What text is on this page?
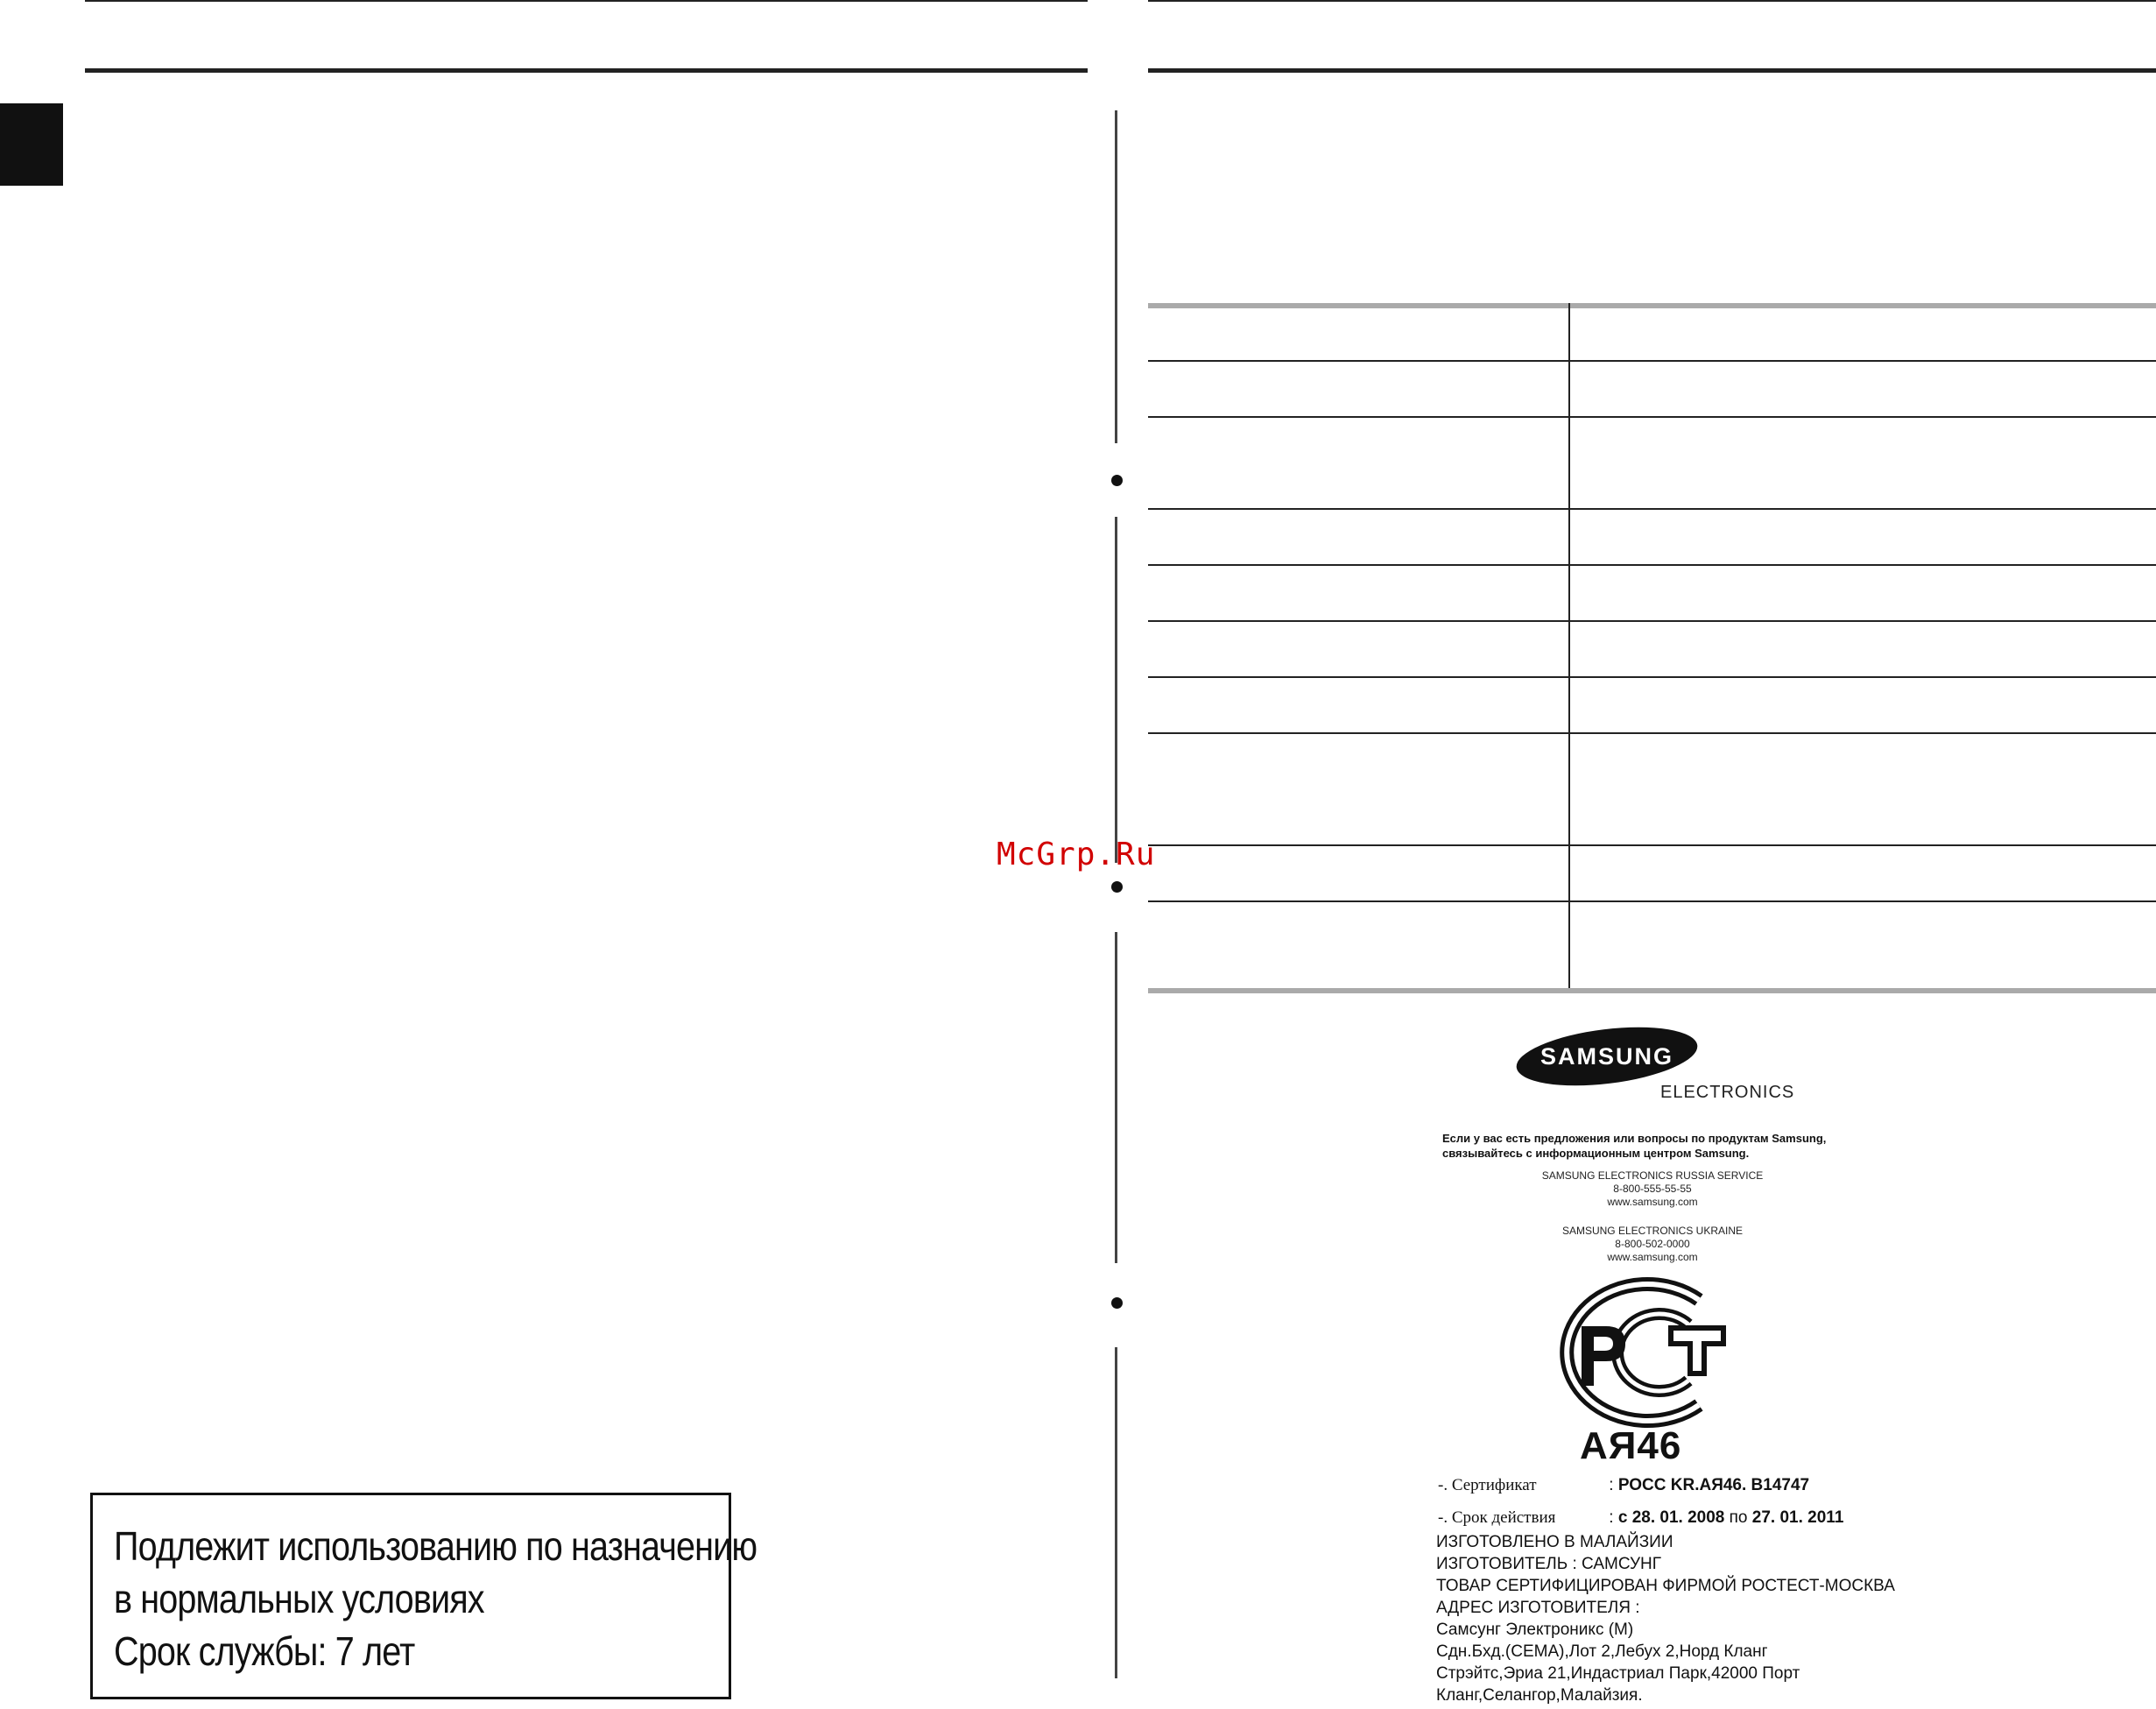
McGrp.Ru
SAMSUNG
ELECTRONICS
Если у вас есть предложения или вопросы по продуктам Samsung,
связывайтесь с информационным центром Samsung.
SAMSUNG ELECTRONICS RUSSIA SERVICE
8-800-555-55-55
www.samsung.com
SAMSUNG ELECTRONICS UKRAINE
8-800-502-0000
www.samsung.com
АЯ46
-. Сертификат	: РОСС KR.АЯ46. В14747
-. Срок действия	: с 28. 01. 2008 по 27. 01. 2011
ИЗГОТОВЛЕНО В МАЛАЙЗИИ
ИЗГОТОВИТЕЛЬ : САМСУНГ
ТОВАР СЕРТИФИЦИРОВАН ФИРМОЙ РОСТЕСТ-МОСКВА
АДРЕС ИЗГОТОВИТЕЛЯ :
Самсунг Электроникс (М)
Сдн.Бхд.(СЕМА),Лот 2,Лебух 2,Норд Кланг
Стрэйтс,Эриа 21,Индастриал Парк,42000 Порт
Кланг,Селангор,Малайзия.
Подлежит использованию по назначению
в нормальных условиях
Срок службы: 7 лет
